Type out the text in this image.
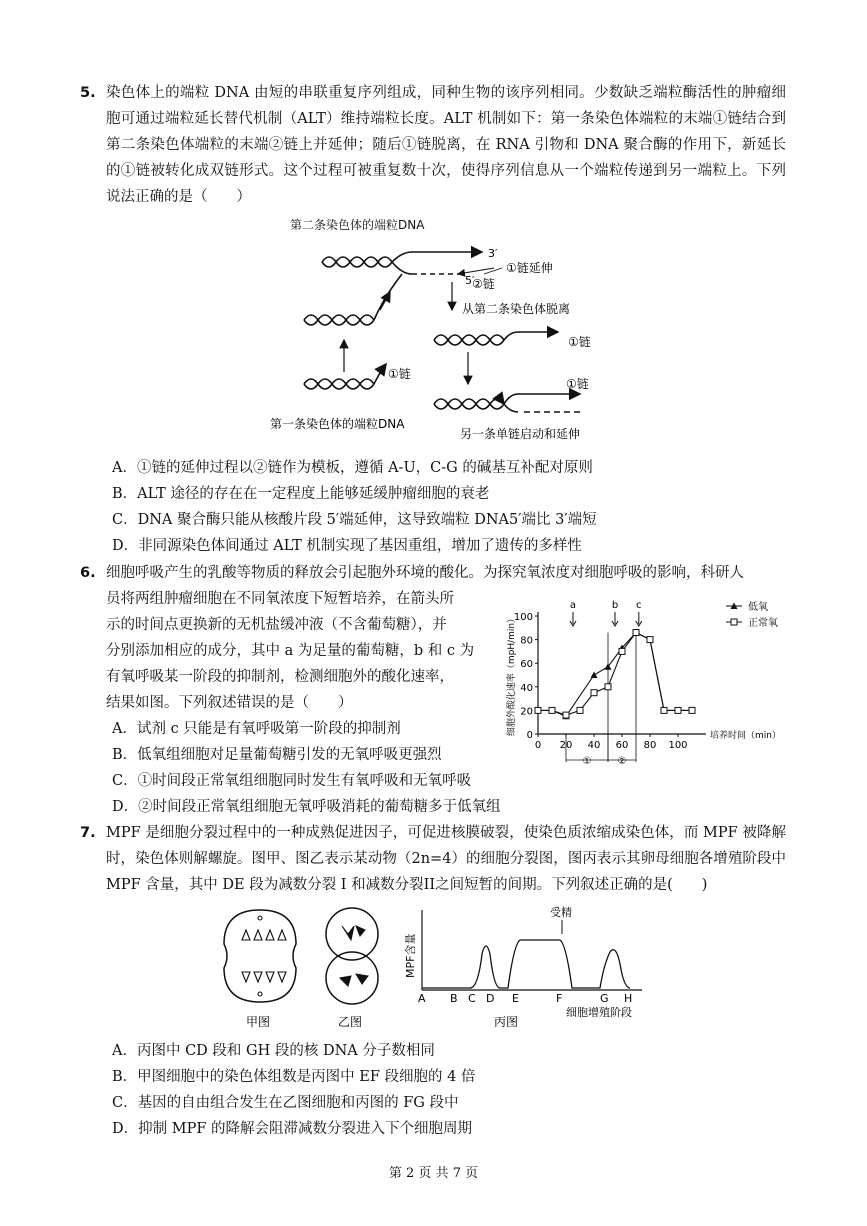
5. 染色体上的端粒 DNA 由短的串联重复序列组成，同种生物的该序列相同。少数缺乏端粒酶活性的肿瘤细胞可通过端粒延长替代机制（ALT）维持端粒长度。ALT 机制如下：第一条染色体端粒的末端①链结合到第二条染色体端粒的末端②链上并延伸；随后①链脱离，在 RNA 引物和 DNA 聚合酶的作用下，新延长的①链被转化成双链形式。这个过程可被重复数十次，使得序列信息从一个端粒传递到另一端粒上。下列说法正确的是（　　）
第二条染色体的端粒DNA
3′
5′
②链
①链延伸
①链
第一条染色体的端粒DNA
从第二条染色体脱离
①链
①链
另一条单链启动和延伸
A．①链的延伸过程以②链作为模板，遵循 A-U，C-G 的碱基互补配对原则
B．ALT 途径的存在在一定程度上能够延缓肿瘤细胞的衰老
C．DNA 聚合酶只能从核酸片段 5′端延伸，这导致端粒 DNA5′端比 3′端短
D．非同源染色体间通过 ALT 机制实现了基因重组，增加了遗传的多样性
6. 细胞呼吸产生的乳酸等物质的释放会引起胞外环境的酸化。为探究氧浓度对细胞呼吸的影响，科研人
员将两组肿瘤细胞在不同氧浓度下短暂培养，在箭头所
示的时间点更换新的无机盐缓冲液（不含葡萄糖），并
分别添加相应的成分，其中 a 为足量的葡萄糖，b 和 c 为
有氧呼吸某一阶段的抑制剂，检测细胞外的酸化速率，
结果如图。下列叙述错误的是（　　）
0
20
40
60
80
100
0 20 40 60 80 100
细胞外酸化速率（mpH/min）	培养时间（min）
a	b c
①	②
低氧
正常氧
A．试剂 c 只能是有氧呼吸第一阶段的抑制剂
B．低氧组细胞对足量葡萄糖引发的无氧呼吸更强烈
C．①时间段正常氧组细胞同时发生有氧呼吸和无氧呼吸
D．②时间段正常氧组细胞无氧呼吸消耗的葡萄糖多于低氧组
7. MPF 是细胞分裂过程中的一种成熟促进因子，可促进核膜破裂，使染色质浓缩成染色体，而 MPF 被降解时，染色体则解螺旋。图甲、图乙表示某动物（2n=4）的细胞分裂图，图丙表示其卵母细胞各增殖阶段中 MPF 含量，其中 DE 段为减数分裂 I 和减数分裂II之间短暂的间期。下列叙述正确的是(　　)
甲图	乙图
MPF含量
受精
A B C D E	F	G H
细胞增殖阶段
丙图
A．丙图中 CD 段和 GH 段的核 DNA 分子数相同
B．甲图细胞中的染色体组数是丙图中 EF 段细胞的 4 倍
C．基因的自由组合发生在乙图细胞和丙图的 FG 段中
D．抑制 MPF 的降解会阻滞减数分裂进入下个细胞周期
第 2 页 共 7 页
